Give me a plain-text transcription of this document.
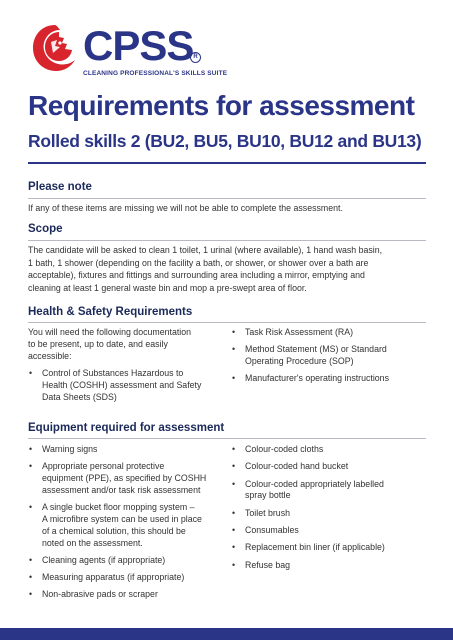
CPSS R
CLEANING PROFESSIONAL'S SKILLS SUITE
Requirements for assessment
Rolled skills 2 (BU2, BU5, BU10, BU12 and BU13)
Please note

If any of these items are missing we will not be able to complete the assessment.

Scope
The candidate will be asked to clean 1 toilet, 1 urinal (where available), 1 hand wash basin,
1 bath, 1 shower (depending on the facility a bath, or shower, or shower over a bath are
acceptable), fixtures and fittings and surrounding area including a mirror, emptying and
cleaning at least 1 general waste bin and mop a pre-swept area of floor.
Health & Safety Requirements
You will need the following documentation
to be present, up to date, and easily
accessible:
• Control of Substances Hazardous to
Health (COSHH) assessment and Safety
Data Sheets (SDS)
• Task Risk Assessment (RA)
• Method Statement (MS) or Standard
Operating Procedure (SOP)
• Manufacturer's operating instructions
Equipment required for assessment
• Warning signs
• Appropriate personal protective
equipment (PPE), as specified by COSHH
assessment and/or task risk assessment
• A single bucket floor mopping system –
A microfibre system can be used in place
of a chemical solution, this should be
noted on the assessment.
• Cleaning agents (if appropriate)
• Measuring apparatus (if appropriate)
• Non-abrasive pads or scraper
• Colour-coded cloths
• Colour-coded hand bucket
• Colour-coded appropriately labelled
spray bottle
• Toilet brush
• Consumables
• Replacement bin liner (if applicable)
• Refuse bag
